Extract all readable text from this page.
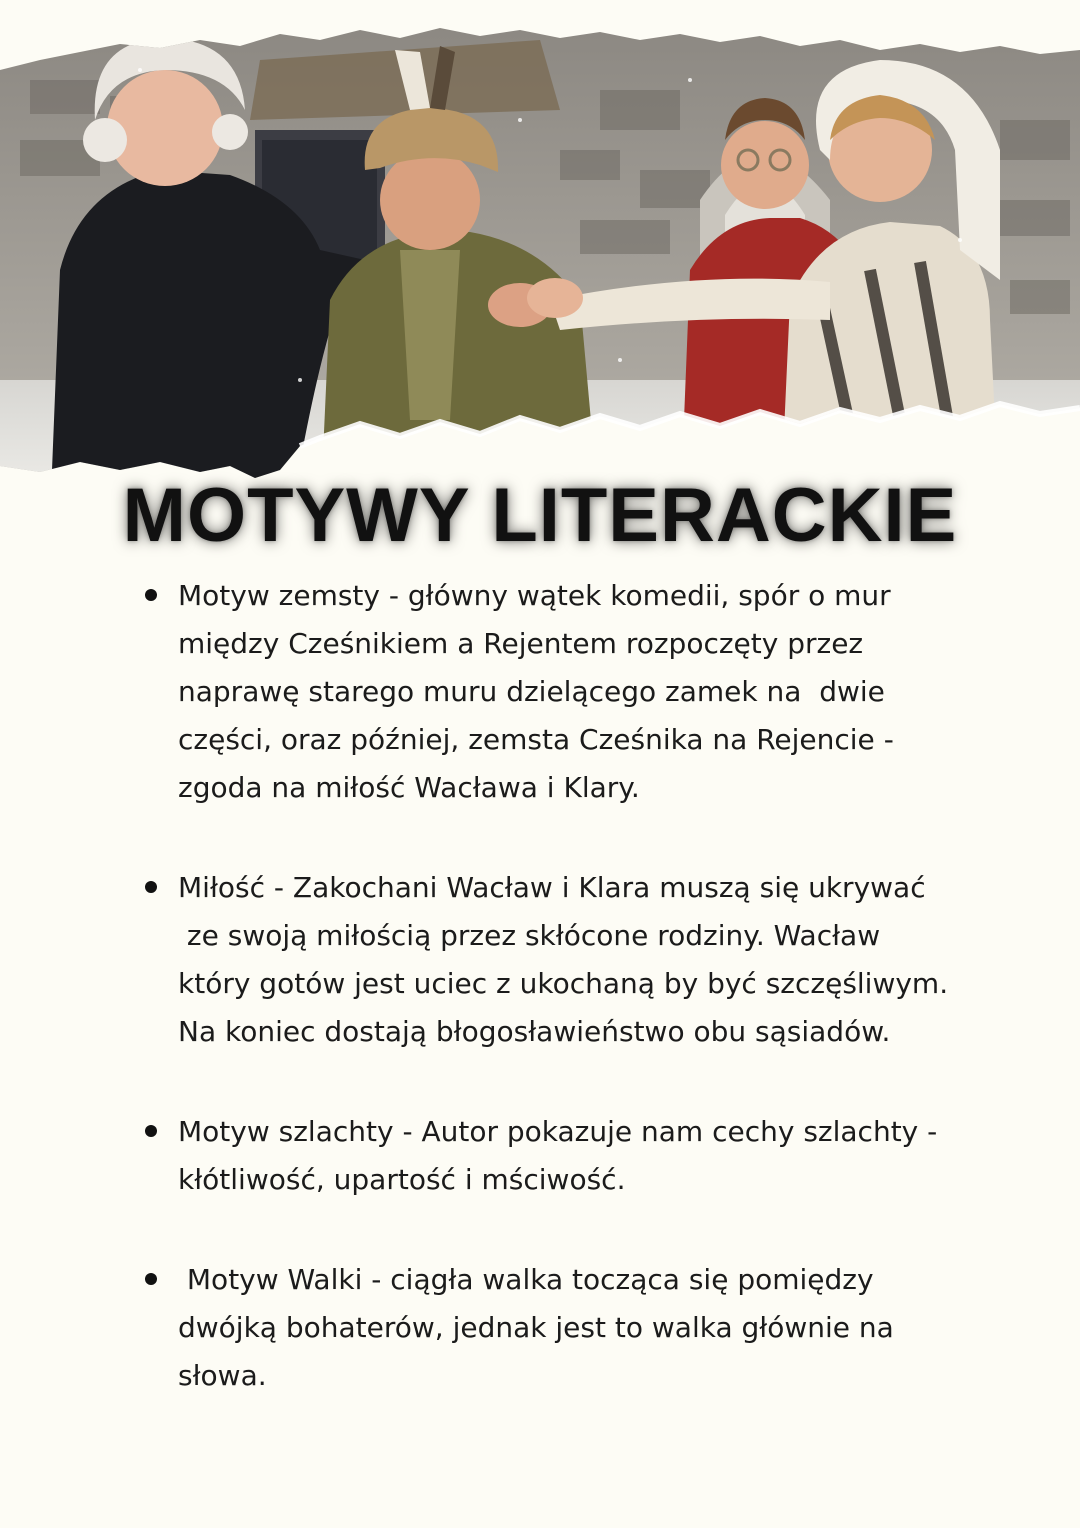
MOTYWY LITERACKIE
Motyw zemsty - główny wątek komedii, spór o mur
między Cześnikiem a Rejentem rozpoczęty przez
naprawę starego muru dzielącego zamek na  dwie
części, oraz później, zemsta Cześnika na Rejencie -
zgoda na miłość Wacława i Klary.
Miłość - Zakochani Wacław i Klara muszą się ukrywać
ze swoją miłością przez skłócone rodziny. Wacław
który gotów jest uciec z ukochaną by być szczęśliwym.
Na koniec dostają błogosławieństwo obu sąsiadów.
Motyw szlachty - Autor pokazuje nam cechy szlachty -
kłótliwość, upartość i mściwość.
Motyw Walki - ciągła walka tocząca się pomiędzy
dwójką bohaterów, jednak jest to walka głównie na
słowa.
